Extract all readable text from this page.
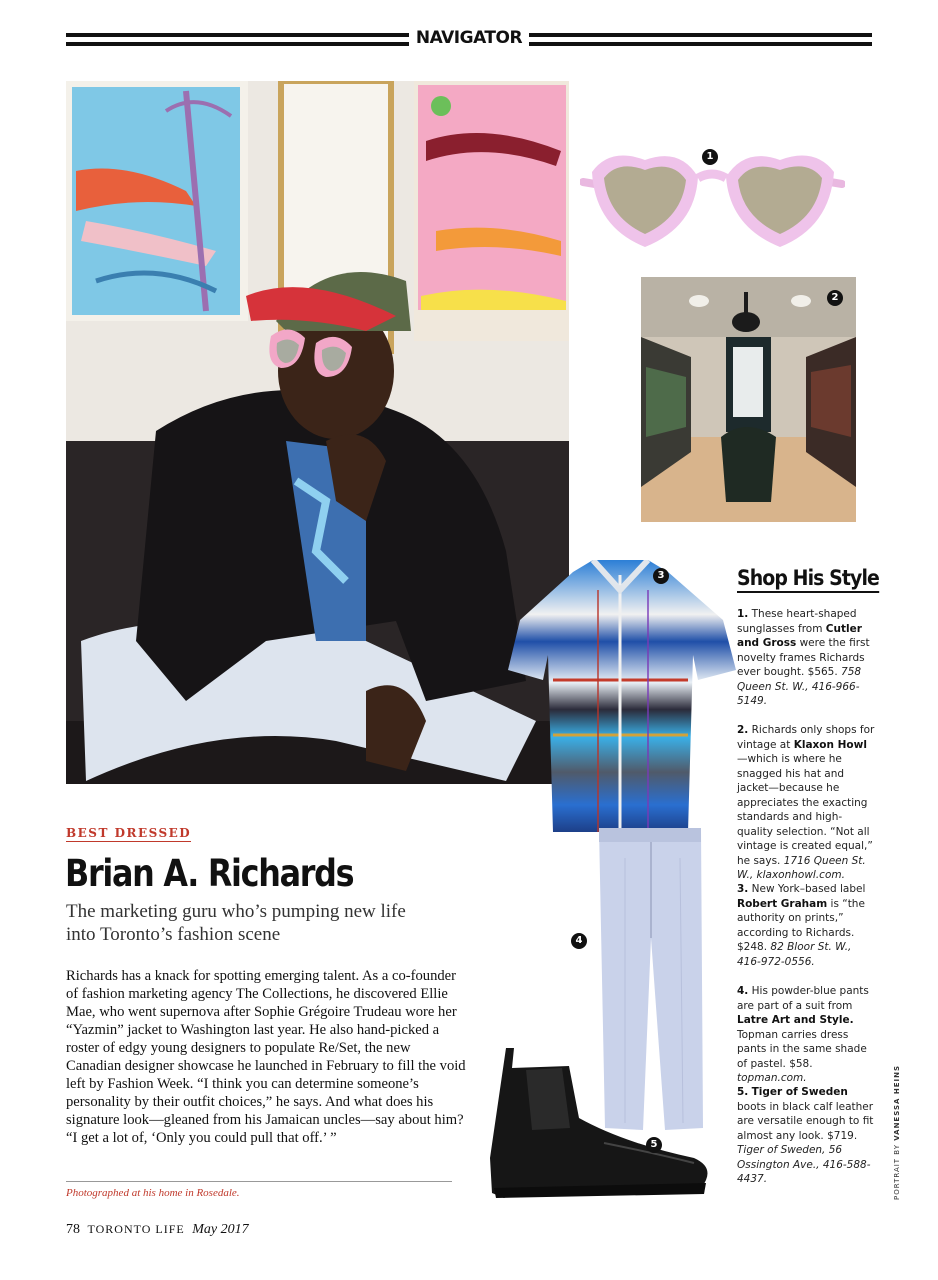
NAVIGATOR
1
2
3
4
5
BEST DRESSED
Brian A. Richards

The marketing guru who’s pumping new life into Toronto’s fashion scene

Richards has a knack for spotting emerging talent. As a co-founder of fashion marketing agency The Collections, he discovered Ellie Mae, who went supernova after Sophie Grégoire Trudeau wore her “Yazmin” jacket to Washington last year. He also hand-picked a roster of edgy young designers to populate Re/Set, the new Canadian designer showcase he launched in February to fill the void left by Fashion Week. “I think you can determine someone’s personality by their outfit choices,” he says. And what does his signature look—gleaned from his Jamaican uncles—say about him? “I get a lot of, ‘Only you could pull that off.’ ”

Photographed at his home in Rosedale.
78 TORONTO LIFE May 2017
Shop His Style

1. These heart-shaped sunglasses from Cutler and Gross were the first novelty frames Richards ever bought. $565. 758 Queen St. W., 416-966-5149.

2. Richards only shops for vintage at Klaxon Howl—which is where he snagged his hat and jacket—because he appreciates the exacting standards and high-quality selection. “Not all vintage is created equal,” he says. 1716 Queen St. W., klaxonhowl.com.

3. New York–based label Robert Graham is “the authority on prints,” according to Richards. $248. 82 Bloor St. W., 416-972-0556.

4. His powder-blue pants are part of a suit from Latre Art and Style. Topman carries dress pants in the same shade of pastel. $58. topman.com.

5. Tiger of Sweden boots in black calf leather are versatile enough to fit almost any look. $719. Tiger of Sweden, 56 Ossington Ave., 416-588-4437.	PORTRAIT BY VANESSA HEINS
